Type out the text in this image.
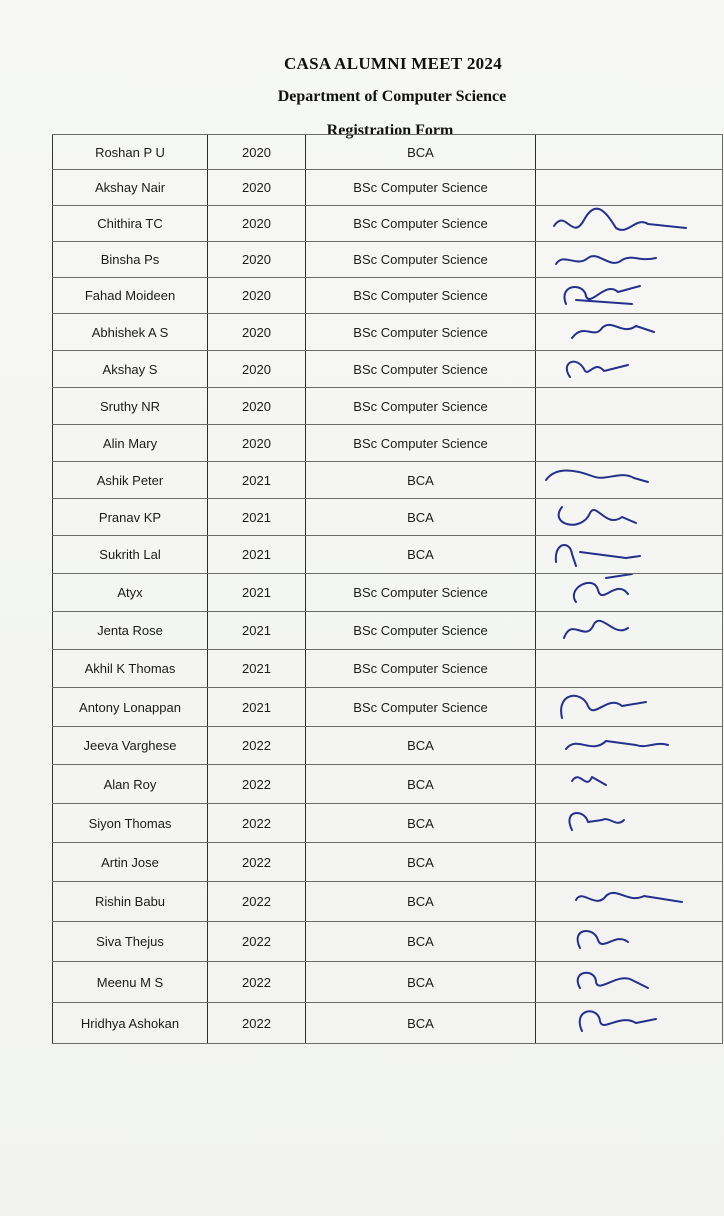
CASA ALUMNI MEET 2024
Department of Computer Science
Registration Form
Roshan P U	2020	BCA	
Akshay Nair	2020	BSc Computer Science	
Chithira TC	2020	BSc Computer Science	

Binsha Ps	2020	BSc Computer Science	

Fahad Moideen	2020	BSc Computer Science	

Abhishek A S	2020	BSc Computer Science	

Akshay S	2020	BSc Computer Science	

Sruthy NR	2020	BSc Computer Science	
Alin Mary	2020	BSc Computer Science	
Ashik Peter	2021	BCA	

Pranav KP	2021	BCA	

Sukrith Lal	2021	BCA	

Atyx	2021	BSc Computer Science	

Jenta Rose	2021	BSc Computer Science	

Akhil K Thomas	2021	BSc Computer Science	
Antony Lonappan	2021	BSc Computer Science	

Jeeva Varghese	2022	BCA	

Alan Roy	2022	BCA	

Siyon Thomas	2022	BCA	

Artin Jose	2022	BCA	
Rishin Babu	2022	BCA	

Siva Thejus	2022	BCA	

Meenu M S	2022	BCA	

Hridhya Ashokan	2022	BCA	
